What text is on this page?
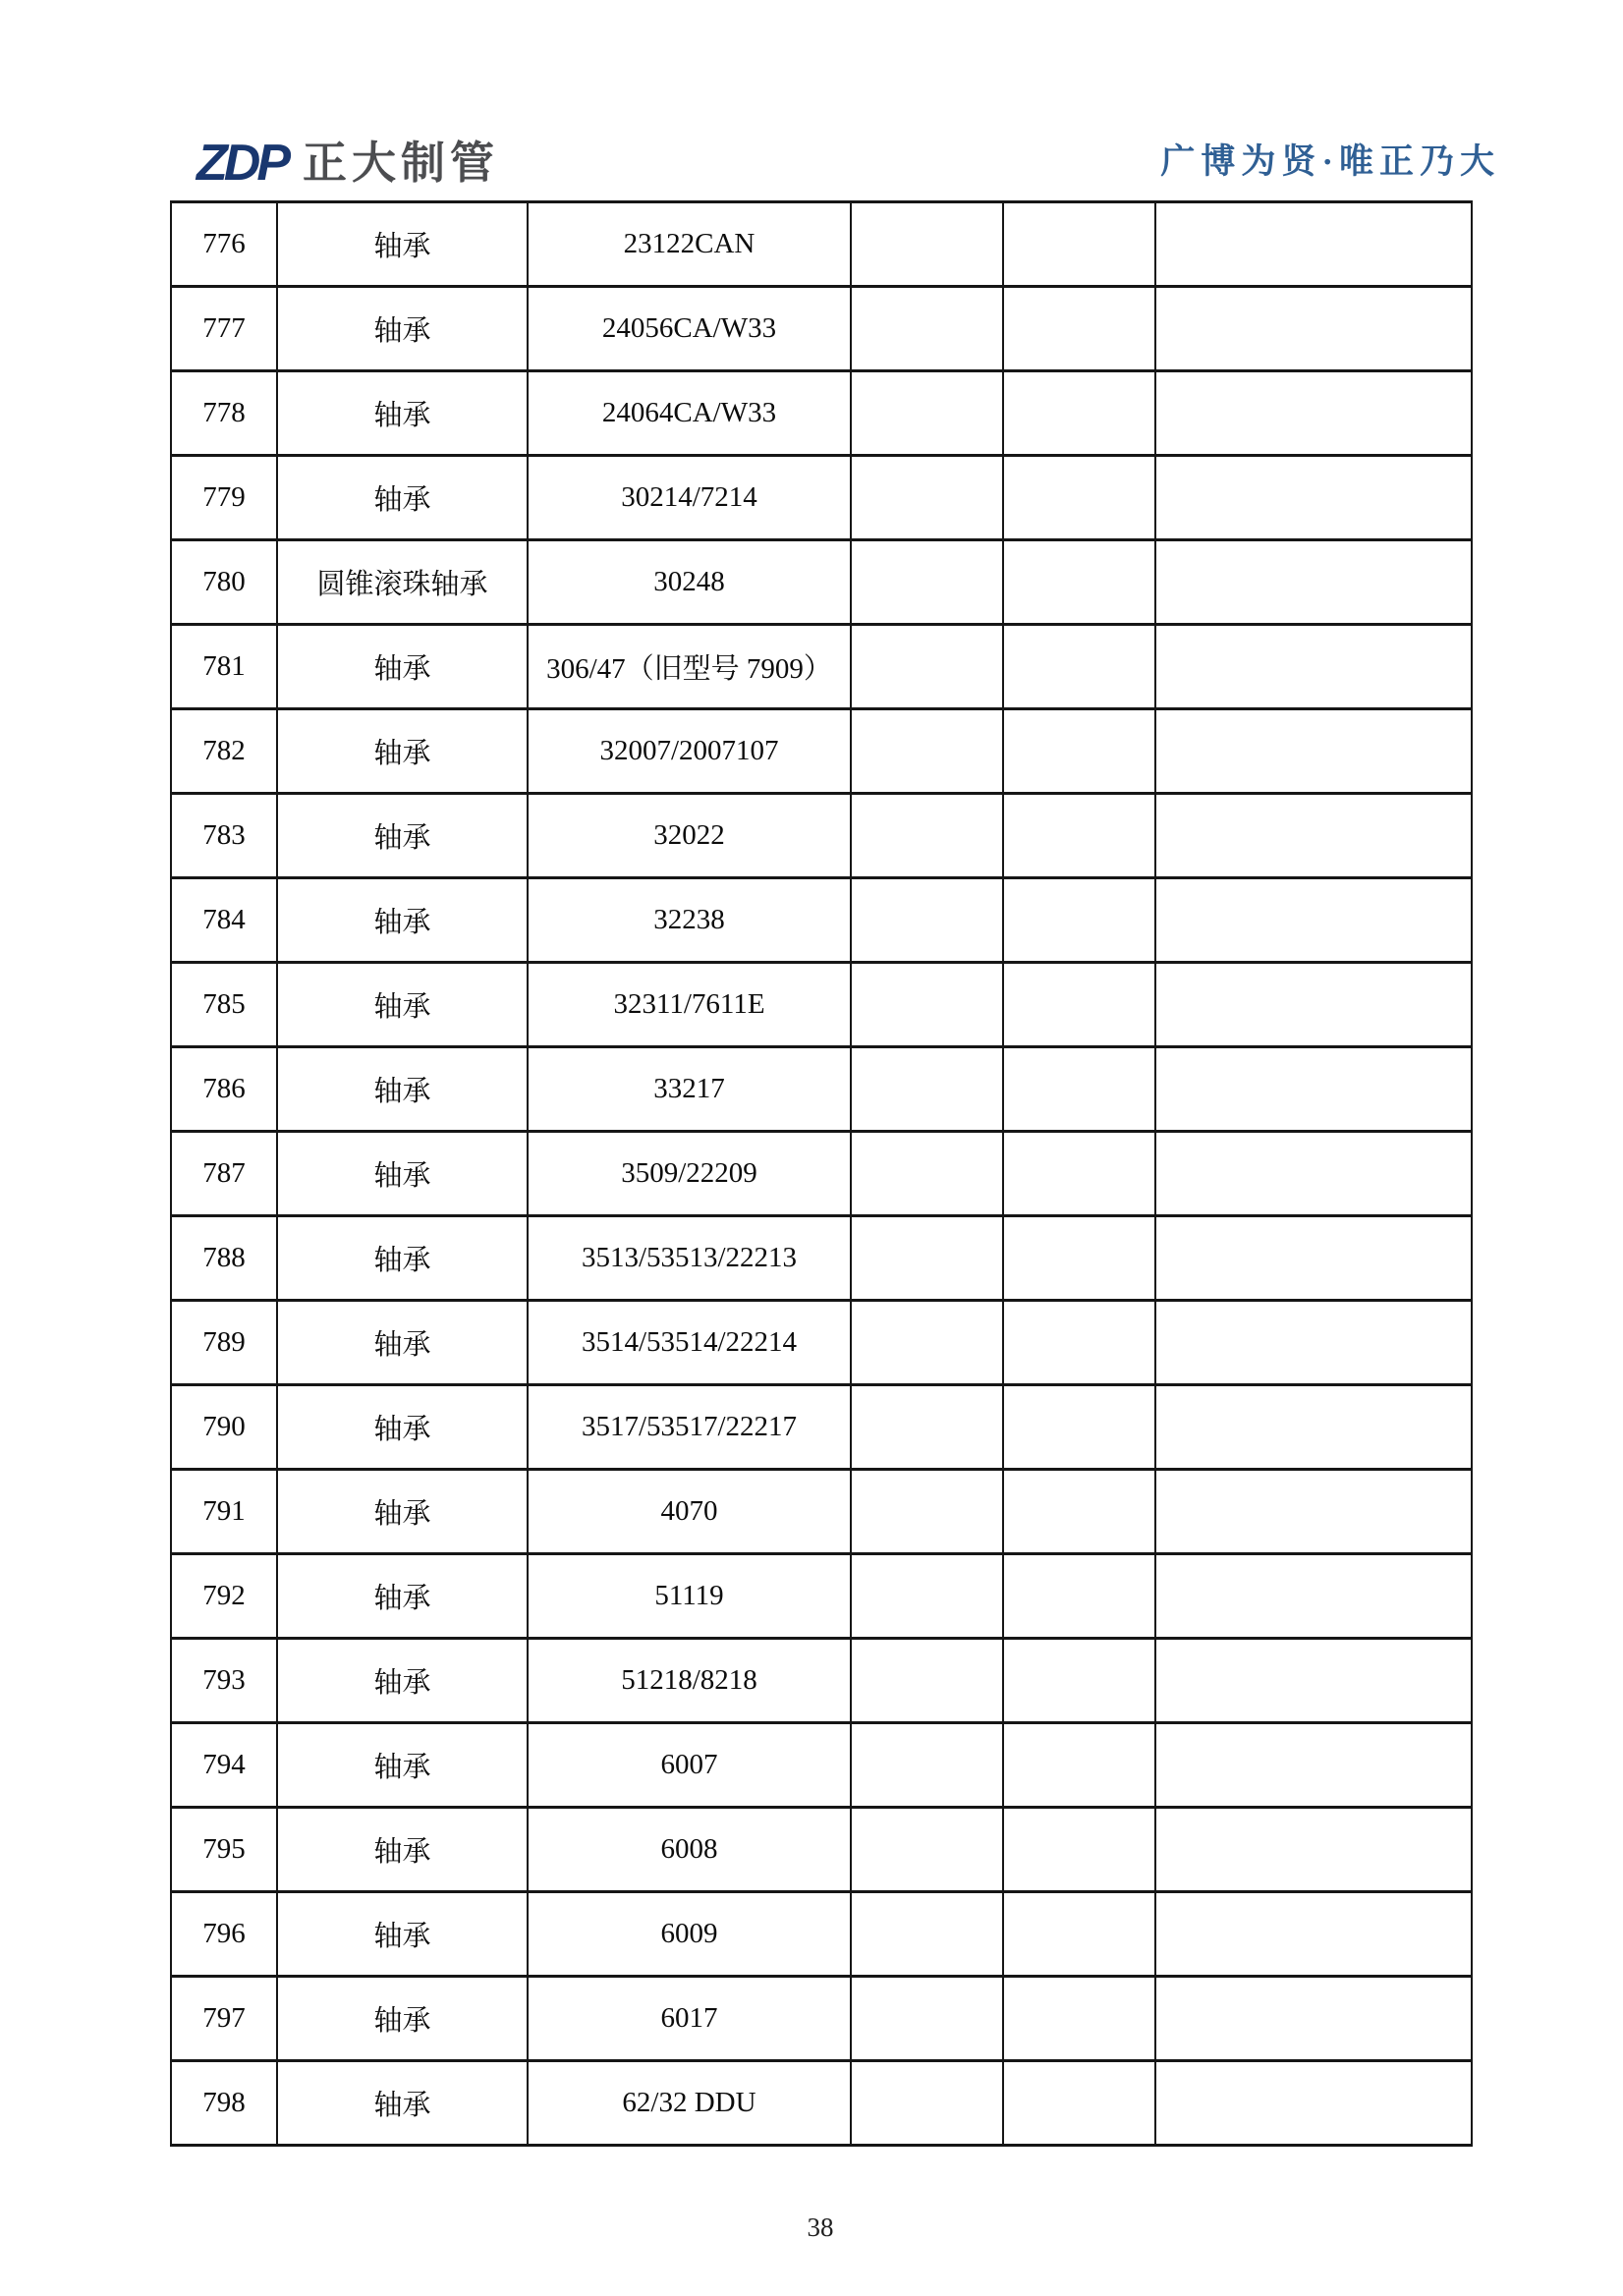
ZDP 正大制管	广博为贤·唯正乃大
776	轴承	23122CAN			
777	轴承	24056CA/W33			
778	轴承	24064CA/W33			
779	轴承	30214/7214			
780	圆锥滚珠轴承	30248			
781	轴承	306/47（旧型号 7909）			
782	轴承	32007/2007107			
783	轴承	32022			
784	轴承	32238			
785	轴承	32311/7611E			
786	轴承	33217			
787	轴承	3509/22209			
788	轴承	3513/53513/22213			
789	轴承	3514/53514/22214			
790	轴承	3517/53517/22217			
791	轴承	4070			
792	轴承	51119			
793	轴承	51218/8218			
794	轴承	6007			
795	轴承	6008			
796	轴承	6009			
797	轴承	6017			
798	轴承	62/32 DDU			
38
